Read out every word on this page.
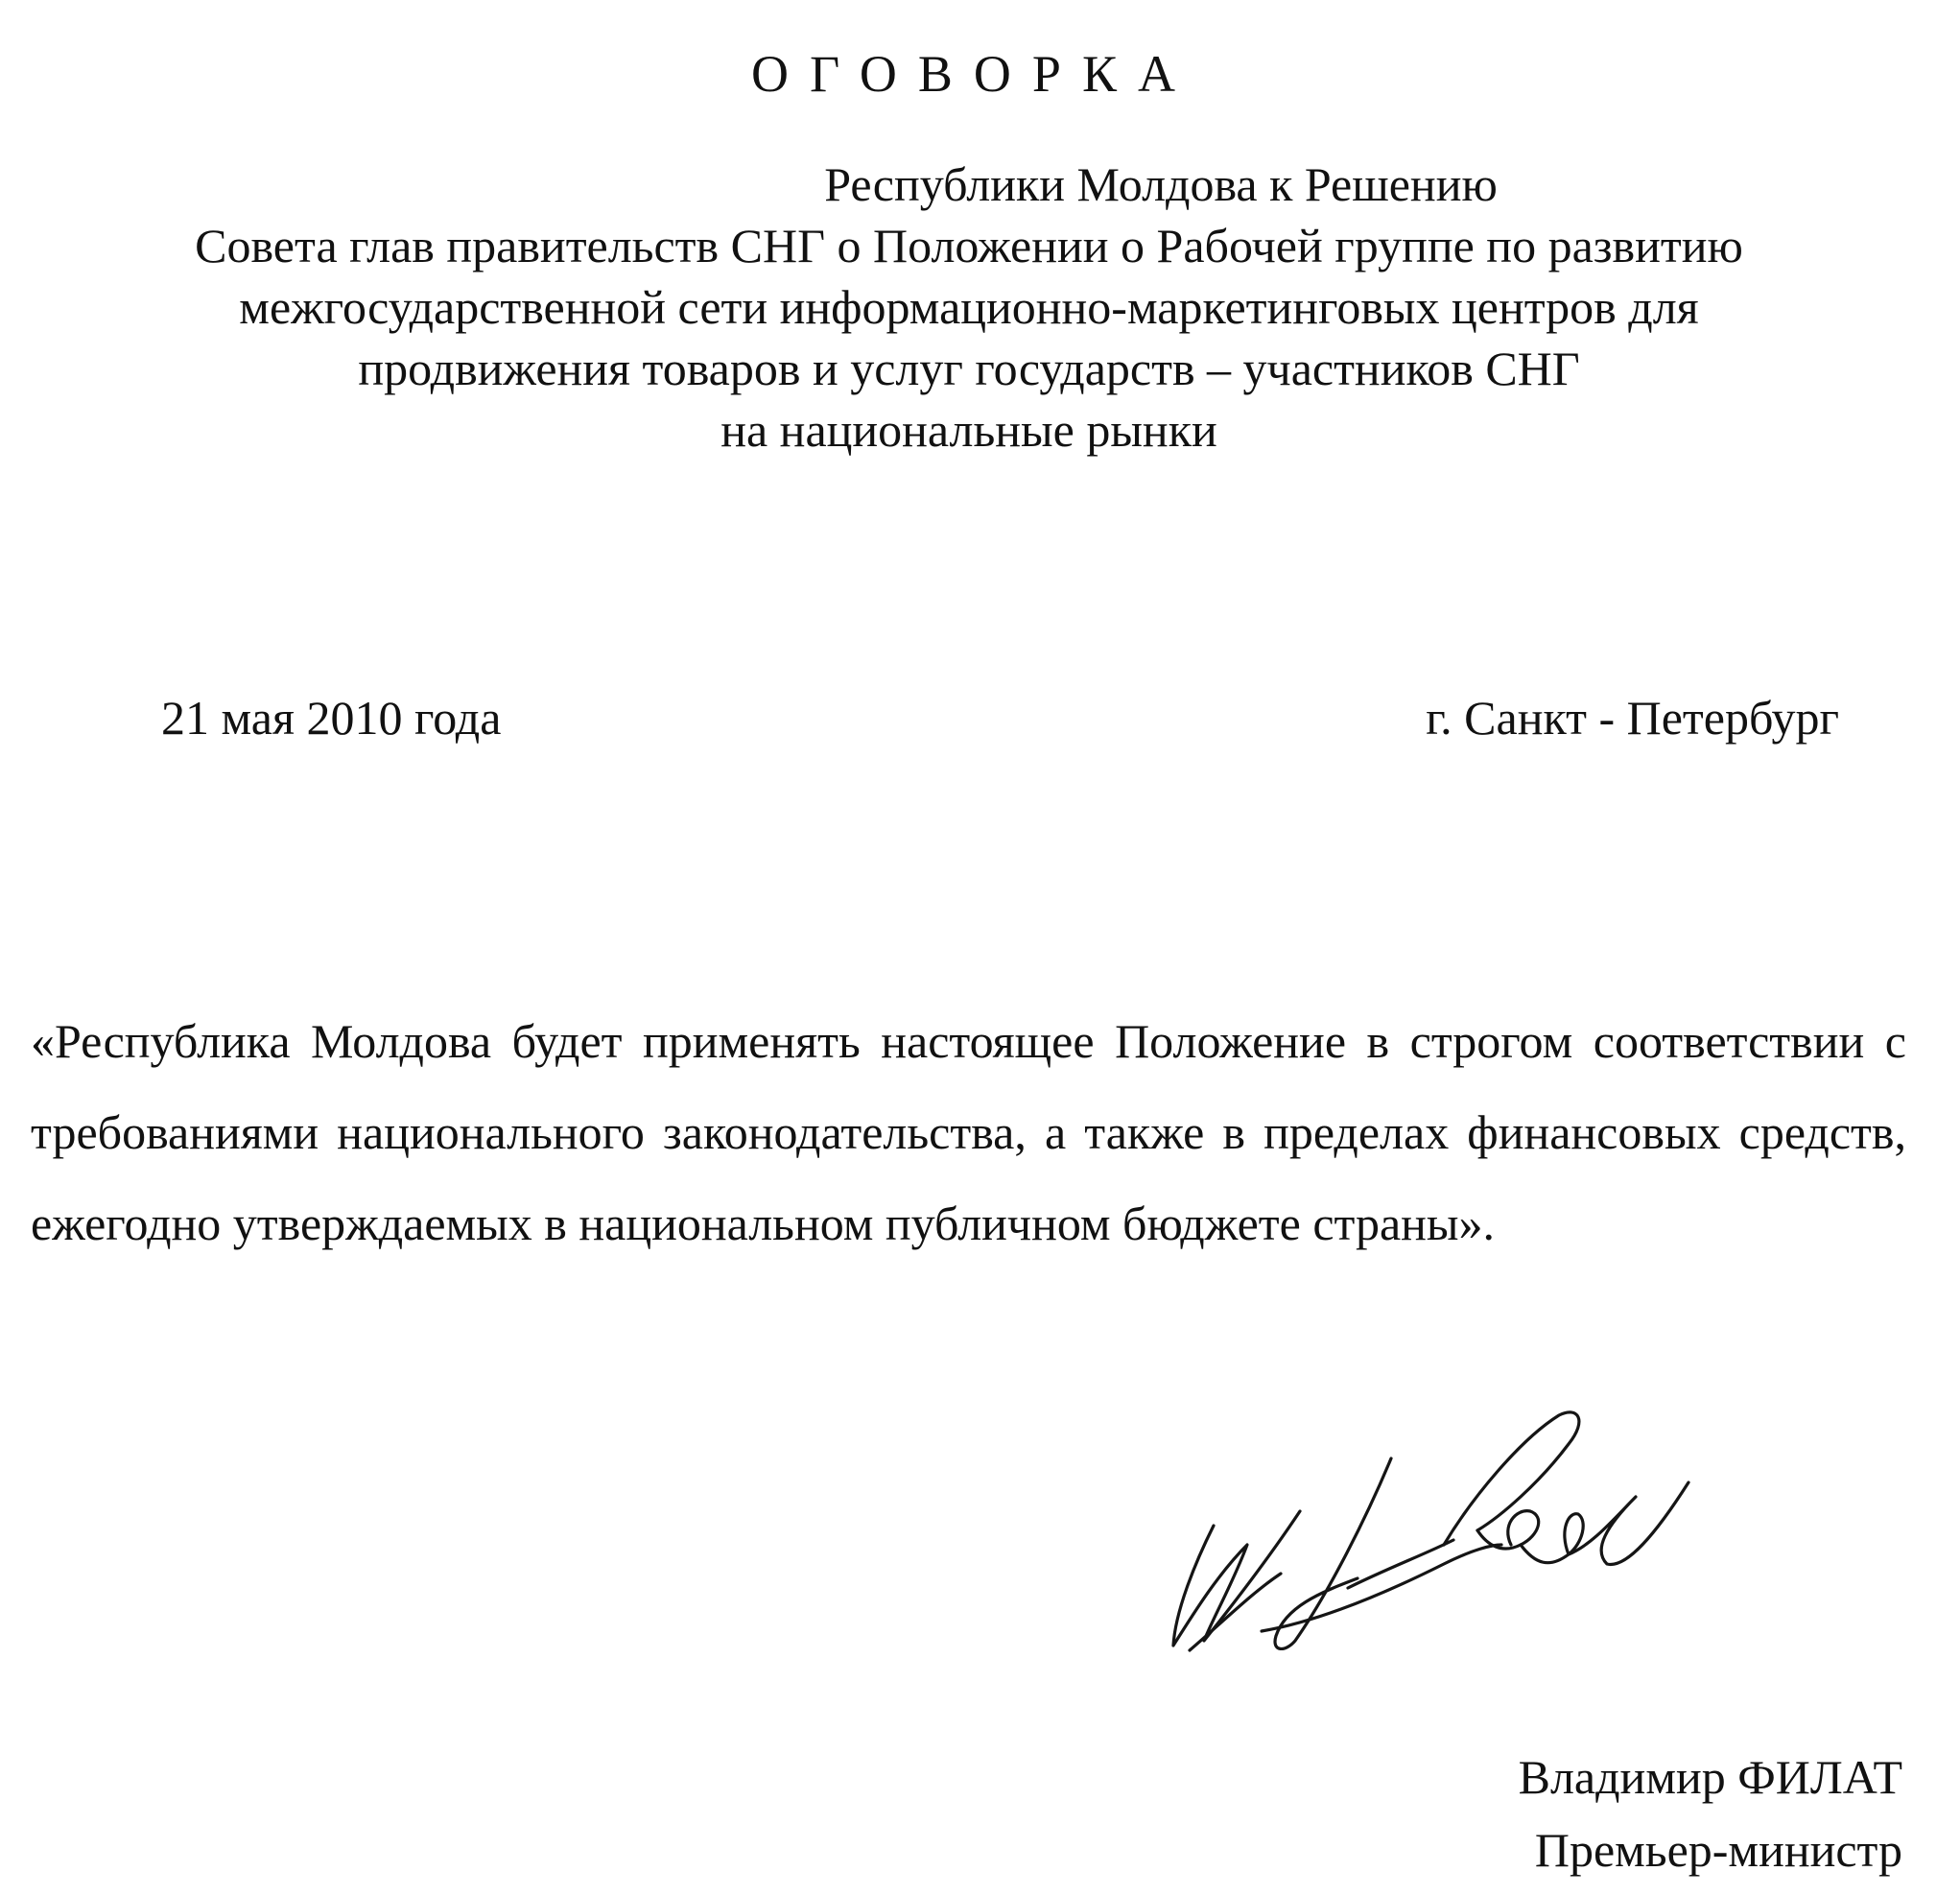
ОГОВОРКА
Республики Молдова к Решению
Совета глав правительств СНГ о Положении о Рабочей группе по развитию
межгосударственной сети информационно-маркетинговых центров для
продвижения товаров и услуг государств – участников СНГ
на национальные рынки
21 мая 2010 года	г. Санкт - Петербург
«Республика Молдова будет применять настоящее Положение в строгом соответствии с требованиями национального законодательства, а также в пределах финансовых средств, ежегодно утверждаемых в национальном публичном бюджете страны».
Владимир ФИЛАТ
Премьер-министр
